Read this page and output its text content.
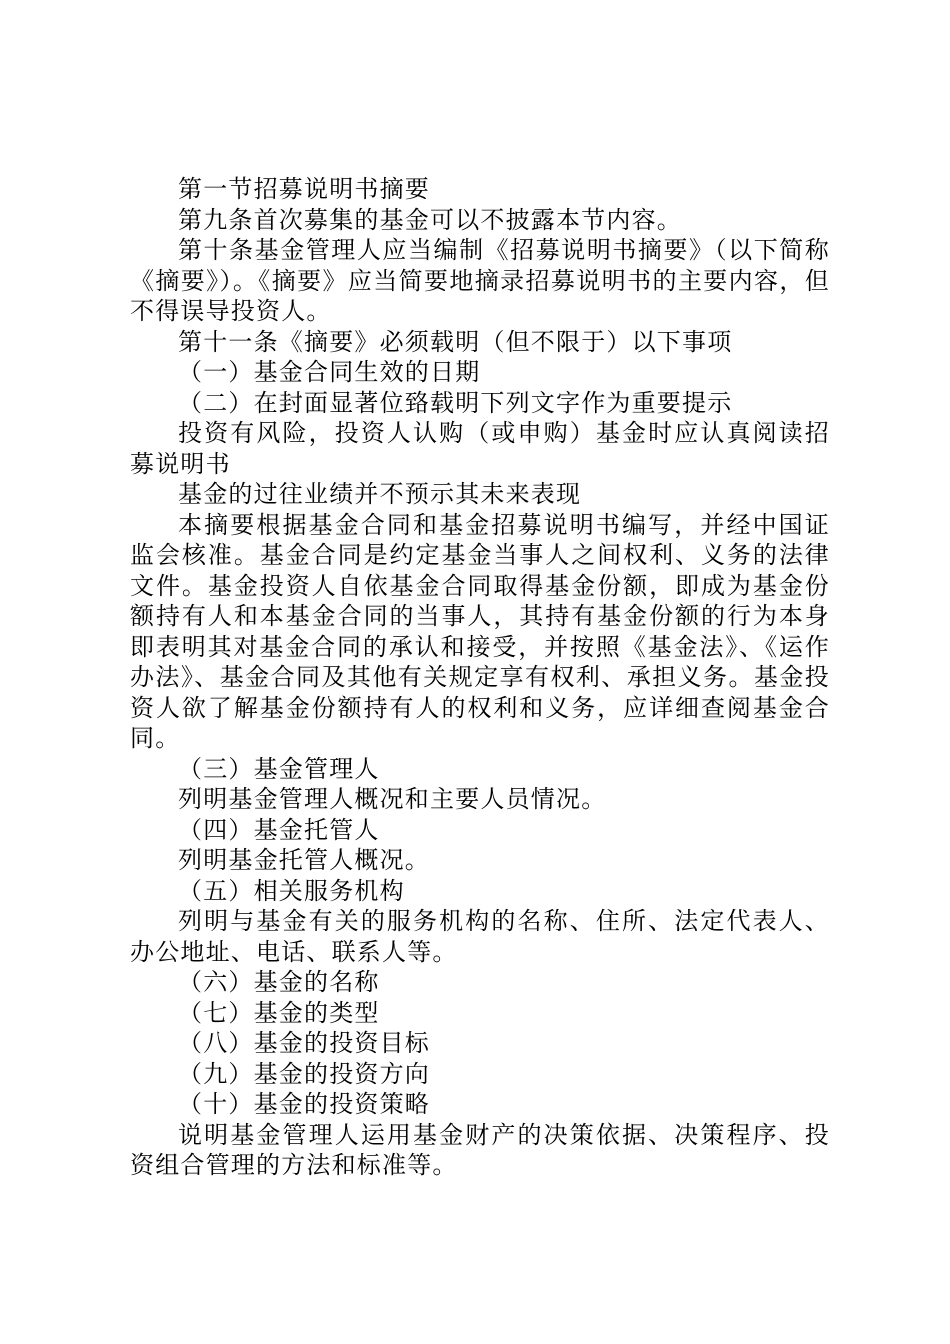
第一节招募说明书摘要

第九条首次募集的基金可以不披露本节内容。

第十条基金管理人应当编制《招募说明书摘要》（以下简称《摘要》）。《摘要》应当简要地摘录招募说明书的主要内容，但不得误导投资人。

第十一条《摘要》必须载明（但不限于）以下事项

（一）基金合同生效的日期

（二）在封面显著位臵载明下列文字作为重要提示

投资有风险，投资人认购（或申购）基金时应认真阅读招募说明书

基金的过往业绩并不预示其未来表现

本摘要根据基金合同和基金招募说明书编写，并经中国证监会核准。基金合同是约定基金当事人之间权利、义务的法律文件。基金投资人自依基金合同取得基金份额，即成为基金份额持有人和本基金合同的当事人，其持有基金份额的行为本身即表明其对基金合同的承认和接受，并按照《基金法》、《运作办法》、基金合同及其他有关规定享有权利、承担义务。基金投资人欲了解基金份额持有人的权利和义务，应详细查阅基金合同。

（三）基金管理人

列明基金管理人概况和主要人员情况。

（四）基金托管人

列明基金托管人概况。

（五）相关服务机构

列明与基金有关的服务机构的名称、住所、法定代表人、办公地址、电话、联系人等。

（六）基金的名称

（七）基金的类型

（八）基金的投资目标

（九）基金的投资方向

（十）基金的投资策略

说明基金管理人运用基金财产的决策依据、决策程序、投资组合管理的方法和标准等。
